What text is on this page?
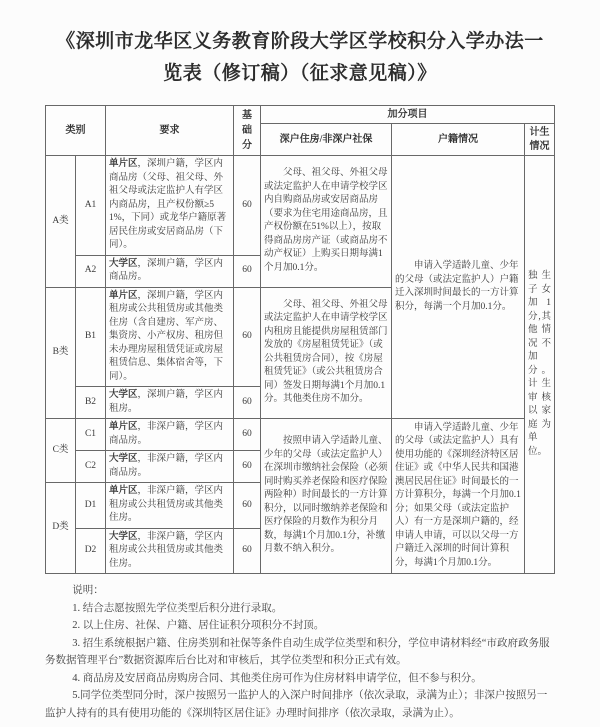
《深圳市龙华区义务教育阶段大学区学校积分入学办法一览表（修订稿）（征求意见稿）》
类别		要求	基础分	加分项目		
				深户住房/非深户社保	户籍情况	计生情况
A类	A1	单片区，深圳户籍，学区内商品房（父母、祖父母、外祖父母或法定监护人有学区内商品房，且产权份额≥51%，下同）或龙华户籍原著居民住房或安居商品房（下同）。	60	父母、祖父母、外祖父母或法定监护人在申请学校学区内自购商品房或安居商品房（要求为住宅用途商品房，且产权份额在51%以上），按取得商品房房产证（或商品房不动产权证）上购买日期每满1个月加0.1分。	申请入学适龄儿童、少年的父母（或法定监护人）户籍迁入深圳时间最长的一方计算积分，每满一个月加0.1分。	独生子女加1分,其他情况不加分。计生审核以家庭为单位。
	A2	大学区，深圳户籍，学区内商品房。	60			
B类	B1	单片区，深圳户籍，学区内租房或公共租赁房或其他类住房（含自建房、军产房、集资房、小产权房、租房但未办理房屋租赁凭证或房屋租赁信息、集体宿舍等，下同）。	60	父母、祖父母、外祖父母或法定监护人在申请学校学区内租房且能提供房屋租赁部门发放的《房屋租赁凭证》（或公共租赁房合同），按《房屋租赁凭证》（或公共租赁房合同）签发日期每满1个月加0.1分。其他类住房不加分。		

	B2	大学区，深圳户籍，学区内租房。	60			
C类	C1	单片区，非深户籍，学区内商品房。	60	按照申请入学适龄儿童、少年的父母（或法定监护人）在深圳市缴纳社会保险（必须同时购买养老保险和医疗保险两险种）时间最长的一方计算积分，以同时缴纳养老保险和医疗保险的月数作为积分月数，每满1个月加0.1分，补缴月数不纳入积分。	申请入学适龄儿童、少年的父母（或法定监护人）具有使用功能的《深圳经济特区居住证》或《中华人民共和国港澳居民居住证》时间最长的一方计算积分，每满一个月加0.1分；如果父母（或法定监护人）有一方是深圳户籍的，经申请人申请，可以以父母一方户籍迁入深圳的时间计算积分，每满1个月加0.1分。	

	C2	大学区，非深户籍，学区内商品房。	60			
D类	D1	单片区，非深户籍，学区内租房或公共租赁房或其他类住房。	60			
	D2	大学区，非深户籍，学区内租房或公共租赁房或其他类住房。	60			

说明：

1. 结合志愿按照先学位类型后积分进行录取。

2. 以上住房、社保、户籍、居住证积分项积分不封顶。

3. 招生系统根据户籍、住房类别和社保等条件自动生成学位类型和积分，学位申请材料经“市政府政务服务数据管理平台”数据资源库后台比对和审核后，其学位类型和积分正式有效。

4. 商品房及安居商品房购房合同、其他类住房可作为住房材料申请学位，但不参与积分。

5.同学位类型同分时，深户按照另一监护人的入深户时间排序（依次录取，录满为止）；非深户按照另一监护人持有的具有使用功能的《深圳特区居住证》办理时间排序（依次录取，录满为止）。
